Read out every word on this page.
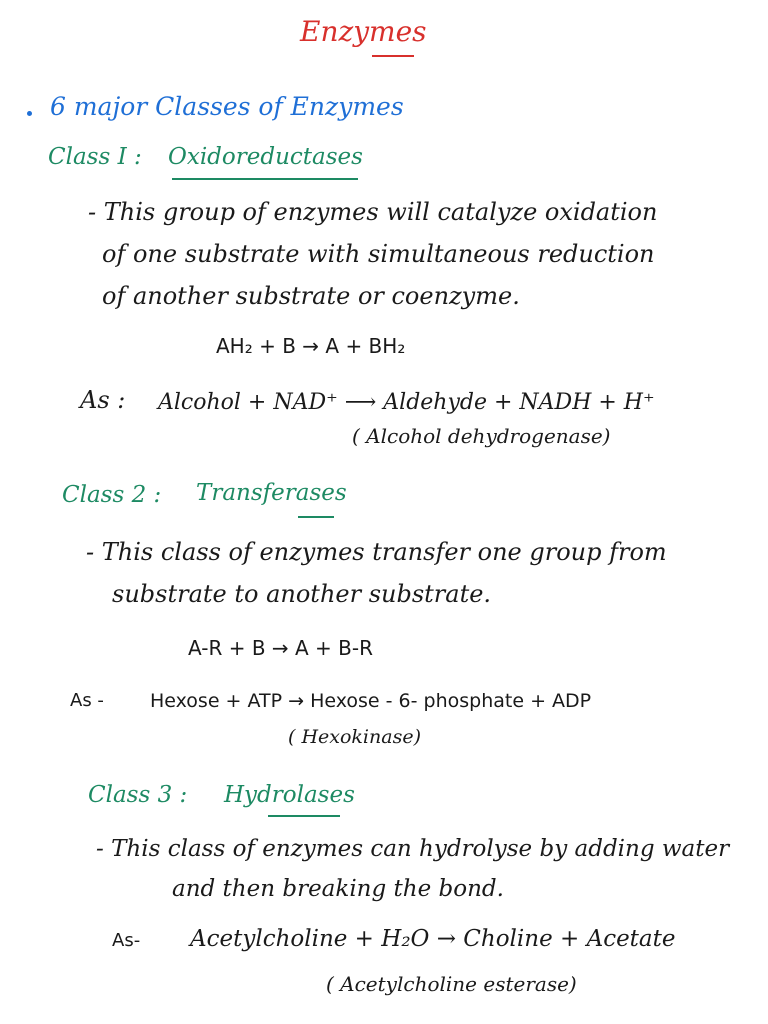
Enzymes
6 major Classes of Enzymes
Class I : Oxidoreductases
- This group of enzymes will catalyze oxidation
of one substrate with simultaneous reduction
of another substrate or coenzyme.
AH₂ + B → A + BH₂
As : Alcohol + NAD⁺ ⟶ Aldehyde + NADH + H⁺
( Alcohol dehydrogenase)
Class 2 : Transferases
- This class of enzymes transfer one group from
substrate to another substrate.
A-R + B → A + B-R
As - Hexose + ATP → Hexose - 6- phosphate + ADP
( Hexokinase)
Class 3 : Hydrolases
- This class of enzymes can hydrolyse by adding water
and then breaking the bond.
As- Acetylcholine + H₂O → Choline + Acetate
( Acetylcholine esterase)
